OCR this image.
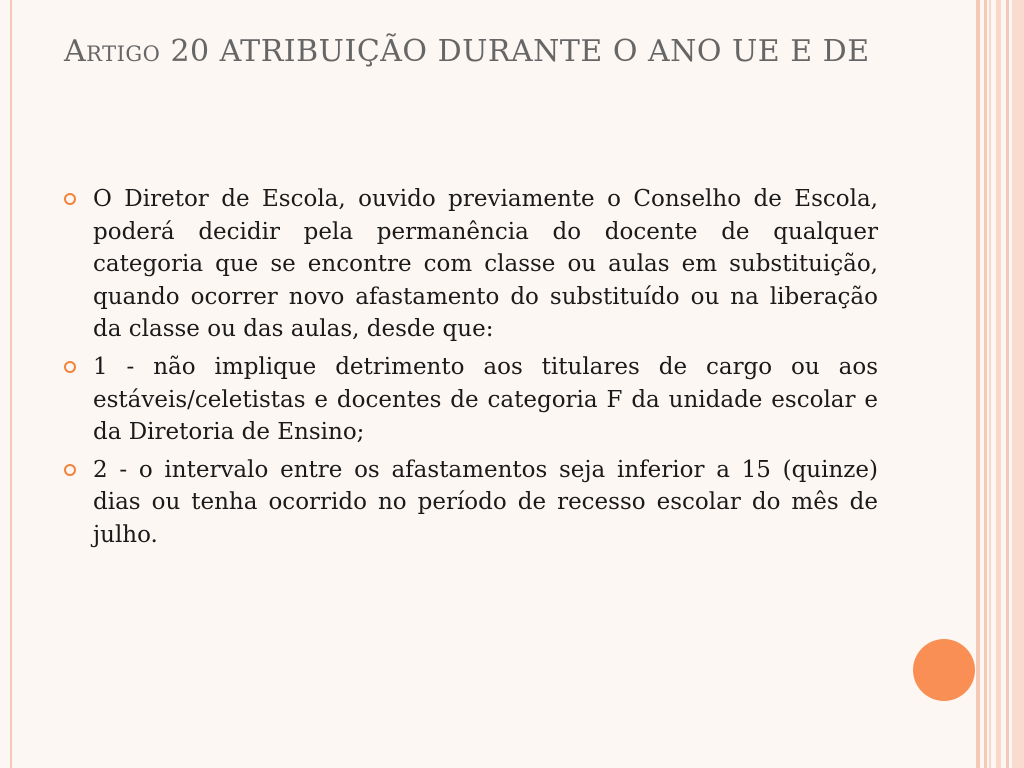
Artigo 20 ATRIBUIÇÃO DURANTE O ANO UE E DE
O Diretor de Escola, ouvido previamente o Conselho de Escola, poderá decidir pela permanência do docente de qualquer categoria que se encontre com classe ou aulas em substituição, quando ocorrer novo afastamento do substituído ou na liberação da classe ou das aulas, desde que:
1 - não implique detrimento aos titulares de cargo ou aos estáveis/celetistas e docentes de categoria F da unidade escolar e da Diretoria de Ensino;
2 - o intervalo entre os afastamentos seja inferior a 15 (quinze) dias ou tenha ocorrido no período de recesso escolar do mês de julho.
